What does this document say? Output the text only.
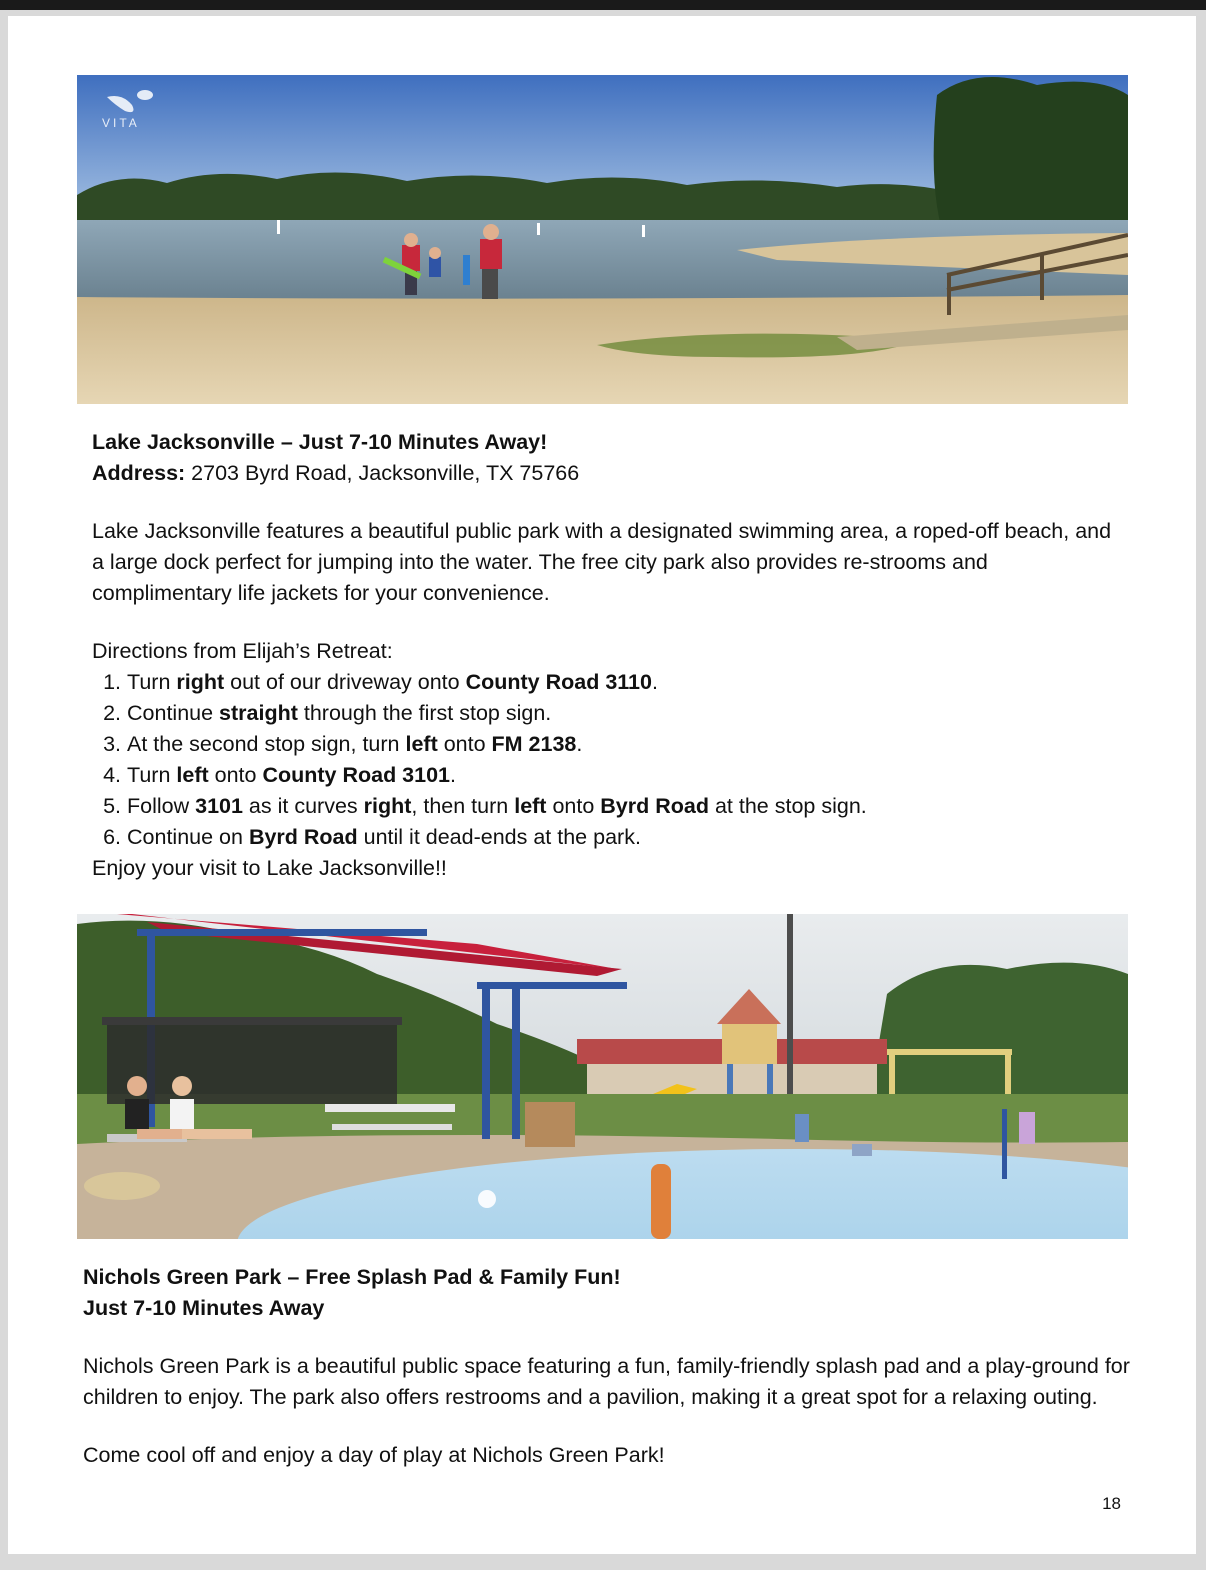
VITA

Lake Jacksonville – Just 7-10 Minutes Away!

Address: 2703 Byrd Road, Jacksonville, TX 75766

Lake Jacksonville features a beautiful public park with a designated swimming area, a roped-off beach, and a large dock perfect for jumping into the water. The free city park also provides re-strooms and complimentary life jackets for your convenience.

Directions from Elijah’s Retreat:

1. Turn right out of our driveway onto County Road 3110.
2. Continue straight through the first stop sign.
3. At the second stop sign, turn left onto FM 2138.
4. Turn left onto County Road 3101.
5. Follow 3101 as it curves right, then turn left onto Byrd Road at the stop sign.
6. Continue on Byrd Road until it dead-ends at the park.

Enjoy your visit to Lake Jacksonville!!

Nichols Green Park – Free Splash Pad & Family Fun!

Just 7-10 Minutes Away

Nichols Green Park is a beautiful public space featuring a fun, family-friendly splash pad and a play-ground for children to enjoy. The park also offers restrooms and a pavilion, making it a great spot for a relaxing outing.

Come cool off and enjoy a day of play at Nichols Green Park!

18
